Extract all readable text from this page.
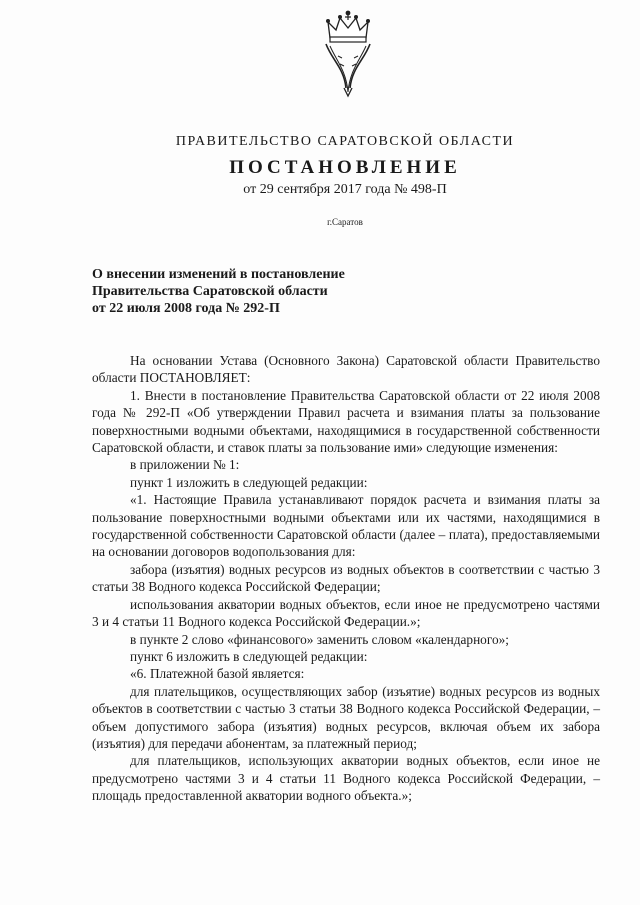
ПРАВИТЕЛЬСТВО САРАТОВСКОЙ ОБЛАСТИ
ПОСТАНОВЛЕНИЕ
от 29 сентября 2017 года № 498-П
г.Саратов
О внесении изменений в постановление
Правительства Саратовской области
от 22 июля 2008 года № 292-П

На основании Устава (Основного Закона) Саратовской области Правительство области ПОСТАНОВЛЯЕТ:

1. Внести в постановление Правительства Саратовской области от 22 июля 2008 года № 292-П «Об утверждении Правил расчета и взимания платы за пользование поверхностными водными объектами, находящимися в государственной собственности Саратовской области, и ставок платы за пользование ими» следующие изменения:

в приложении № 1:

пункт 1 изложить в следующей редакции:

«1. Настоящие Правила устанавливают порядок расчета и взимания платы за пользование поверхностными водными объектами или их частями, находящимися в государственной собственности Саратовской области (далее – плата), предоставляемыми на основании договоров водопользования для:

забора (изъятия) водных ресурсов из водных объектов в соответствии с частью 3 статьи 38 Водного кодекса Российской Федерации;

использования акватории водных объектов, если иное не предусмотрено частями 3 и 4 статьи 11 Водного кодекса Российской Федерации.»;

в пункте 2 слово «финансового» заменить словом «календарного»;

пункт 6 изложить в следующей редакции:

«6. Платежной базой является:

для плательщиков, осуществляющих забор (изъятие) водных ресурсов из водных объектов в соответствии с частью 3 статьи 38 Водного кодекса Российской Федерации, – объем допустимого забора (изъятия) водных ресурсов, включая объем их забора (изъятия) для передачи абонентам, за платежный период;

для плательщиков, использующих акватории водных объектов, если иное не предусмотрено частями 3 и 4 статьи 11 Водного кодекса Российской Федерации, – площадь предоставленной акватории водного объекта.»;
